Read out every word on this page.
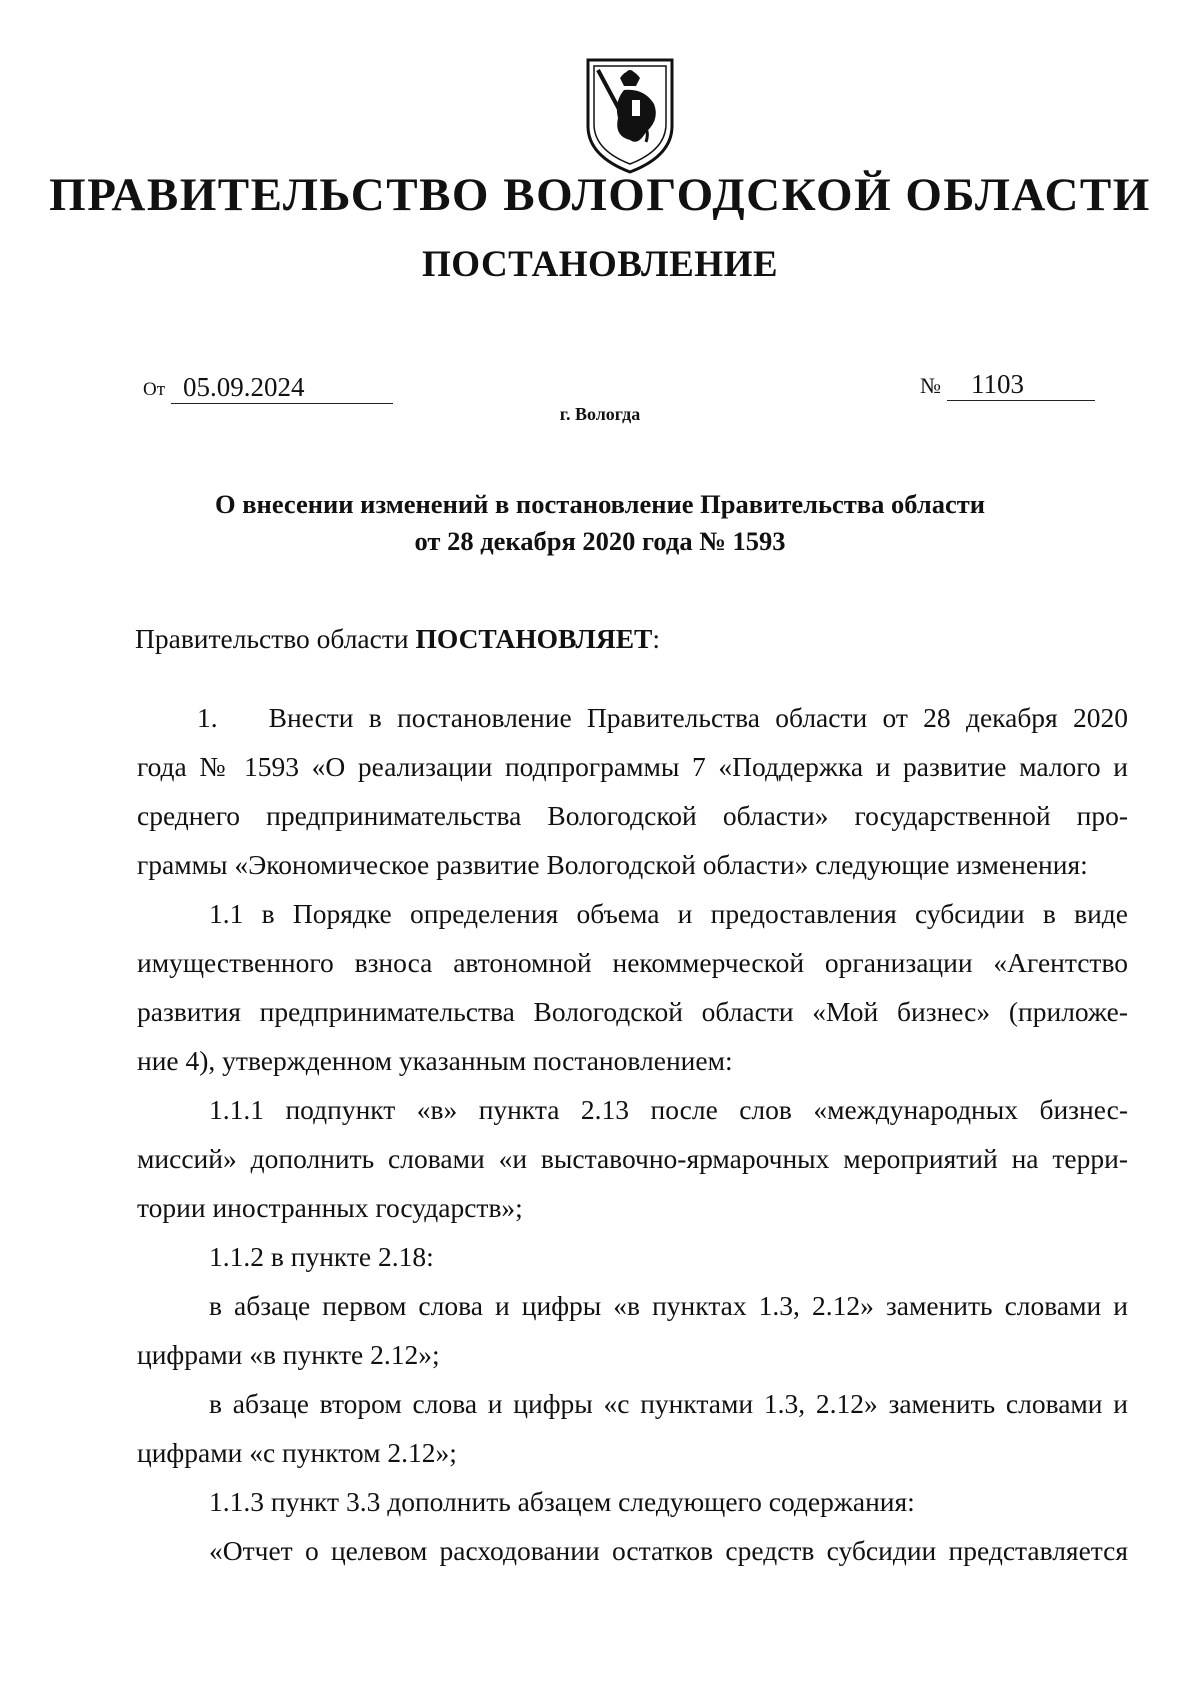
ПРАВИТЕЛЬСТВО ВОЛОГОДСКОЙ ОБЛАСТИ
ПОСТАНОВЛЕНИЕ
От 05.09.2024	№ 1103
г. Вологда
О внесении изменений в постановление Правительства области
от 28 декабря 2020 года № 1593
Правительство области ПОСТАНОВЛЯЕТ:

1. Внести в постановление Правительства области от 28 декабря 2020

года № 1593 «О реализации подпрограммы 7 «Поддержка и развитие малого и

среднего предпринимательства Вологодской области» государственной про-

граммы «Экономическое развитие Вологодской области» следующие изменения:

1.1 в Порядке определения объема и предоставления субсидии в виде

имущественного взноса автономной некоммерческой организации «Агентство

развития предпринимательства Вологодской области «Мой бизнес» (приложе-

ние 4), утвержденном указанным постановлением:

1.1.1 подпункт «в» пункта 2.13 после слов «международных бизнес-

миссий» дополнить словами «и выставочно-ярмарочных мероприятий на терри-

тории иностранных государств»;

1.1.2 в пункте 2.18:

в абзаце первом слова и цифры «в пунктах 1.3, 2.12» заменить словами и

цифрами «в пункте 2.12»;

в абзаце втором слова и цифры «с пунктами 1.3, 2.12» заменить словами и

цифрами «с пунктом 2.12»;

1.1.3 пункт 3.3 дополнить абзацем следующего содержания:

«Отчет о целевом расходовании остатков средств субсидии представляется
